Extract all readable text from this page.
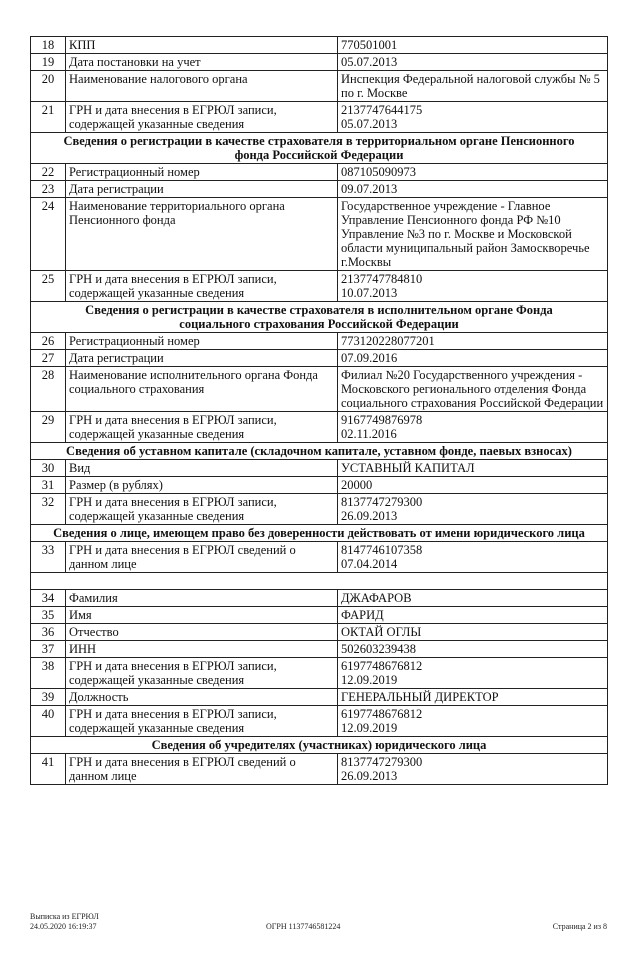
18	КПП	770501001
19	Дата постановки на учет	05.07.2013
20	Наименование налогового органа	Инспекция Федеральной налоговой службы № 5 по г. Москве
21	ГРН и дата внесения в ЕГРЮЛ записи, содержащей указанные сведения	2137747644175
05.07.2013
Сведения о регистрации в качестве страхователя в территориальном органе Пенсионного фонда Российской Федерации		
22	Регистрационный номер	087105090973
23	Дата регистрации	09.07.2013
24	Наименование территориального органа Пенсионного фонда	Государственное учреждение - Главное Управление Пенсионного фонда РФ №10 Управление №3 по г. Москве и Московской области муниципальный район Замоскворечье г.Москвы
25	ГРН и дата внесения в ЕГРЮЛ записи, содержащей указанные сведения	2137747784810
10.07.2013
Сведения о регистрации в качестве страхователя в исполнительном органе Фонда социального страхования Российской Федерации		
26	Регистрационный номер	773120228077201
27	Дата регистрации	07.09.2016
28	Наименование исполнительного органа Фонда социального страхования	Филиал №20 Государственного учреждения - Московского регионального отделения Фонда социального страхования Российской Федерации
29	ГРН и дата внесения в ЕГРЮЛ записи, содержащей указанные сведения	9167749876978
02.11.2016
Сведения об уставном капитале (складочном капитале, уставном фонде, паевых взносах)		
30	Вид	УСТАВНЫЙ КАПИТАЛ
31	Размер (в рублях)	20000
32	ГРН и дата внесения в ЕГРЮЛ записи, содержащей указанные сведения	8137747279300
26.09.2013
Сведения о лице, имеющем право без доверенности действовать от имени юридического лица		
33	ГРН и дата внесения в ЕГРЮЛ сведений о данном лице	8147746107358
07.04.2014

34	Фамилия	ДЖАФАРОВ
35	Имя	ФАРИД
36	Отчество	ОКТАЙ ОГЛЫ
37	ИНН	502603239438
38	ГРН и дата внесения в ЕГРЮЛ записи, содержащей указанные сведения	6197748676812
12.09.2019
39	Должность	ГЕНЕРАЛЬНЫЙ ДИРЕКТОР
40	ГРН и дата внесения в ЕГРЮЛ записи, содержащей указанные сведения	6197748676812
12.09.2019
Сведения об учредителях (участниках) юридического лица		
41	ГРН и дата внесения в ЕГРЮЛ сведений о данном лице	8137747279300
26.09.2013
Выписка из ЕГРЮЛ
24.05.2020 16:19:37	ОГРН 1137746581224	Страница 2 из 8
